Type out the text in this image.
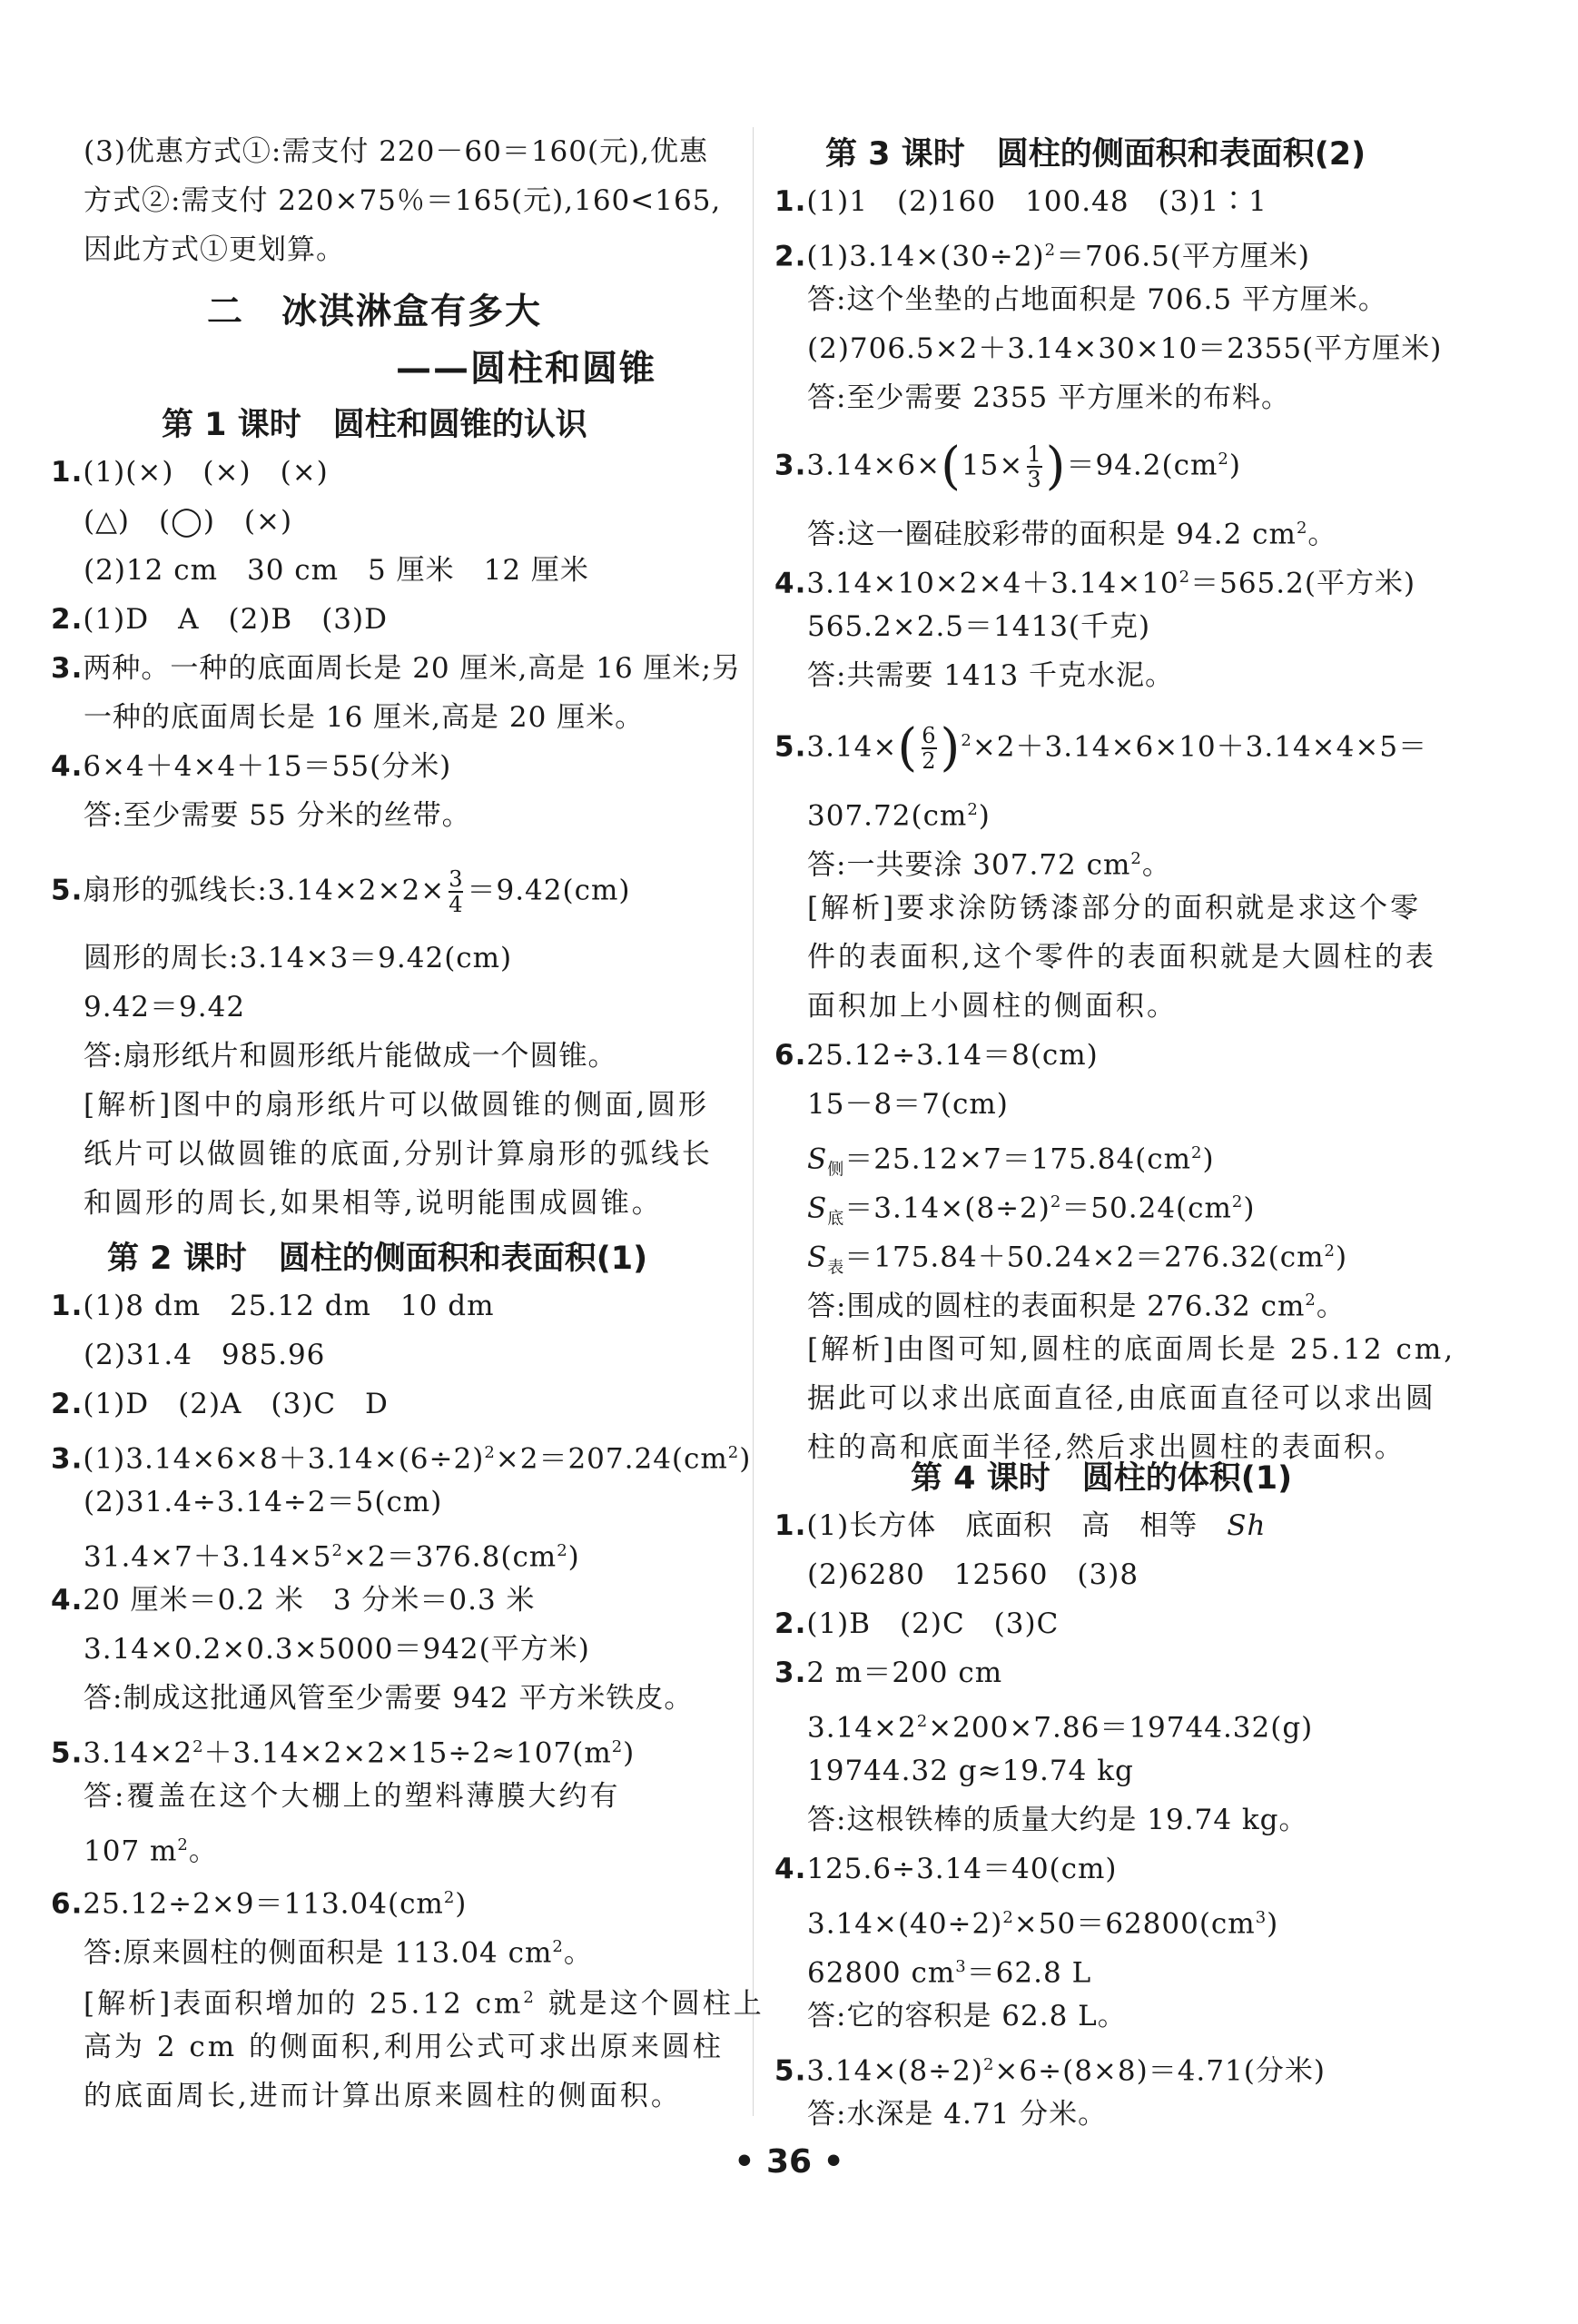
(3)优惠方式①:需支付 220－60＝160(元),优惠
方式②:需支付 220×75％＝165(元),160<165,
因此方式①更划算。
二　冰淇淋盒有多大
——圆柱和圆锥
第 1 课时　圆柱和圆锥的认识
1.(1)(×)　(×)　(×)
(△)　(◯)　(×)
(2)12 cm　30 cm　5 厘米　12 厘米
2.(1)D　A　(2)B　(3)D
3.两种。一种的底面周长是 20 厘米,高是 16 厘米;另
一种的底面周长是 16 厘米,高是 20 厘米。
4.6×4＋4×4＋15＝55(分米)
答:至少需要 55 分米的丝带。
5.扇形的弧线长:3.14×2×2× $\frac{3}{4} =9.42(cm)$
圆形的周长:3.14×3＝9.42(cm)
9.42＝9.42
答:扇形纸片和圆形纸片能做成一个圆锥。
[解析]图中的扇形纸片可以做圆锥的侧面,圆形
纸片可以做圆锥的底面,分别计算扇形的弧线长
和圆形的周长,如果相等,说明能围成圆锥。
第 2 课时　圆柱的侧面积和表面积(1)
1.(1)8 dm　25.12 dm　10 dm
(2)31.4　985.96
2.(1)D　(2)A　(3)C　D
$3.(1)3.14\times 6\times 8+3.14\times(6\div 2)^2\times 2=207.24(cm^2)$
(2)31.4÷3.14÷2＝5(cm)
$31.4\times 7+3.14\times 5^2\times 2=376.8(cm^2)$
4.20 厘米＝0.2 米　3 分米＝0.3 米
3.14×0.2×0.3×5000＝942(平方米)
答:制成这批通风管至少需要 942 平方米铁皮。
$5.3.14\times 2^2+3.14\times 2\times 2\times 15\div 2\approx 107(m^2)$
答:覆盖在这个大棚上的塑料薄膜大约有
107 $m^2$。
$6.25.12\div 2\times 9=113.04(cm^2)$
答:原来圆柱的侧面积是 113.04 $cm^2$。
[解析]表面积增加的 25.12 $cm^2$ 就是这个圆柱上
高为 2 cm 的侧面积,利用公式可求出原来圆柱
的底面周长,进而计算出原来圆柱的侧面积。
第 3 课时　圆柱的侧面积和表面积(2)
1.(1)1　(2)160　100.48　(3)1∶1
$2.(1)3.14\times(30\div 2)^2=706.5$(平方厘米)
答:这个坐垫的占地面积是 706.5 平方厘米。
(2)706.5×2＋3.14×30×10＝2355(平方厘米)
答:至少需要 2355 平方厘米的布料。
$3.3.14\times 6\times(15\times \frac{1}{3} )=94.2(cm^2)$
答:这一圈硅胶彩带的面积是 94.2 $cm^2$。
$4.3.14\times 10\times 2\times 4+3.14\times 10^2=565.2$(平方米)
565.2×2.5＝1413(千克)
答:共需要 1413 千克水泥。
$5.3.14\times( \frac{6}{2} )^2\times 2+3.14\times 6\times 10+3.14\times 4\times 5=$
$307.72(cm^2)$
答:一共要涂 307.72 $cm^2$。
[解析]要求涂防锈漆部分的面积就是求这个零
件的表面积,这个零件的表面积就是大圆柱的表
面积加上小圆柱的侧面积。
6.25.12÷3.14＝8(cm)
15－8＝7(cm)
$S_侧=25.12\times 7=175.84(cm^2)$
$S_底=3.14\times(8\div 2)^2=50.24(cm^2)$
$S_表=175.84+50.24\times 2=276.32(cm^2)$
答:围成的圆柱的表面积是 276.32 $cm^2$。
[解析]由图可知,圆柱的底面周长是 25.12 cm,
据此可以求出底面直径,由底面直径可以求出圆
柱的高和底面半径,然后求出圆柱的表面积。
第 4 课时　圆柱的体积(1)
1.(1)长方体　底面积　高　相等　Sh
(2)6280　12560　(3)8
2.(1)B　(2)C　(3)C
3.2 m＝200 cm
$3.14\times 2^2\times 200\times 7.86=19744.32(g)$
19744.32 g≈19.74 kg
答:这根铁棒的质量大约是 19.74 kg。
4.125.6÷3.14＝40(cm)
$3.14\times(40\div 2)^2\times 50=62800(cm^3)$
62800 $cm^3=62.8$ L
答:它的容积是 62.8 L。
$5.3.14\times(8\div 2)^2\times 6\div(8\times 8)=4.71$(分米)
答:水深是 4.71 分米。
• 36 •
